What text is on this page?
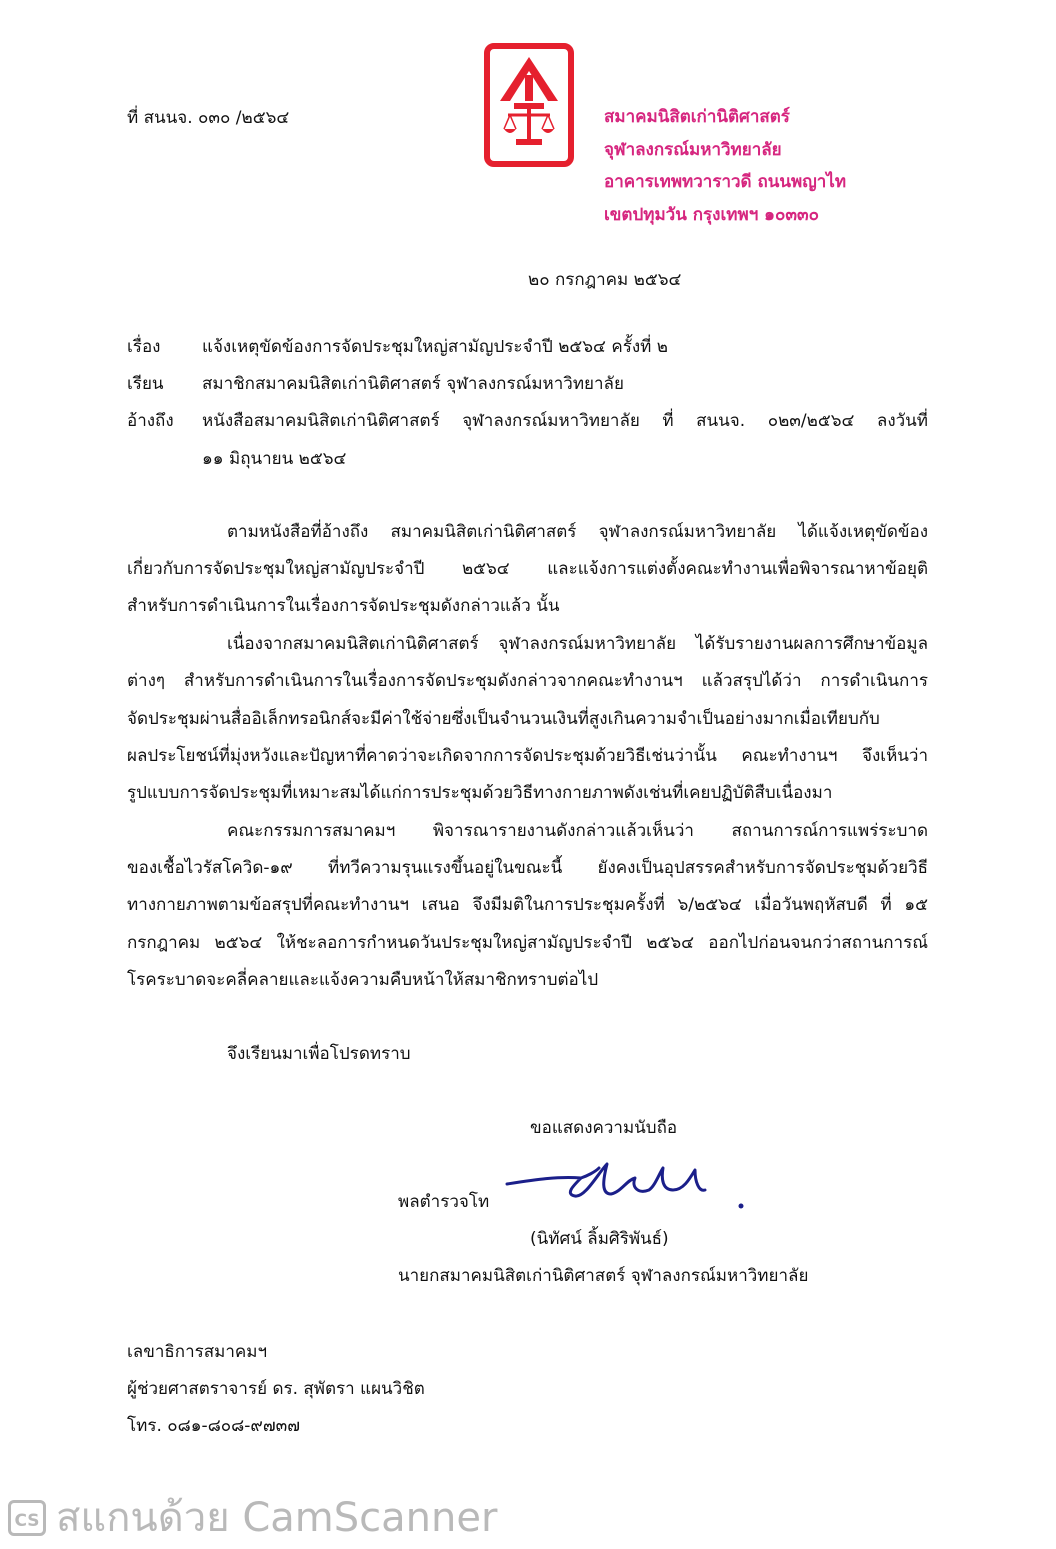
ที่ สนนจ. ๐๓๐ /๒๕๖๔	สมาคมนิสิตเก่านิติศาสตร์
จุฬาลงกรณ์มหาวิทยาลัย
อาคารเทพทวาราวดี ถนนพญาไท
เขตปทุมวัน กรุงเทพฯ ๑๐๓๓๐
๒๐ กรกฎาคม ๒๕๖๔
เรื่อง แจ้งเหตุขัดข้องการจัดประชุมใหญ่สามัญประจำปี ๒๕๖๔ ครั้งที่ ๒
เรียน สมาชิกสมาคมนิสิตเก่านิติศาสตร์ จุฬาลงกรณ์มหาวิทยาลัย
อ้างถึง หนังสือสมาคมนิสิตเก่านิติศาสตร์ จุฬาลงกรณ์มหาวิทยาลัย ที่ สนนจ. ๐๒๓/๒๕๖๔ ลงวันที่
๑๑ มิถุนายน ๒๕๖๔
ตามหนังสือที่อ้างถึง สมาคมนิสิตเก่านิติศาสตร์ จุฬาลงกรณ์มหาวิทยาลัย ได้แจ้งเหตุขัดข้อง
เกี่ยวกับการจัดประชุมใหญ่สามัญประจำปี ๒๕๖๔ และแจ้งการแต่งตั้งคณะทำงานเพื่อพิจารณาหาข้อยุติ
สำหรับการดำเนินการในเรื่องการจัดประชุมดังกล่าวแล้ว นั้น
เนื่องจากสมาคมนิสิตเก่านิติศาสตร์ จุฬาลงกรณ์มหาวิทยาลัย ได้รับรายงานผลการศึกษาข้อมูล
ต่างๆ สำหรับการดำเนินการในเรื่องการจัดประชุมดังกล่าวจากคณะทำงานฯ แล้วสรุปได้ว่า การดำเนินการ
จัดประชุมผ่านสื่ออิเล็กทรอนิกส์จะมีค่าใช้จ่ายซึ่งเป็นจำนวนเงินที่สูงเกินความจำเป็นอย่างมากเมื่อเทียบกับ
ผลประโยชน์ที่มุ่งหวังและปัญหาที่คาดว่าจะเกิดจากการจัดประชุมด้วยวิธีเช่นว่านั้น คณะทำงานฯ จึงเห็นว่า
รูปแบบการจัดประชุมที่เหมาะสมได้แก่การประชุมด้วยวิธีทางกายภาพดังเช่นที่เคยปฏิบัติสืบเนื่องมา
คณะกรรมการสมาคมฯ พิจารณารายงานดังกล่าวแล้วเห็นว่า สถานการณ์การแพร่ระบาด
ของเชื้อไวรัสโควิด-๑๙ ที่ทวีความรุนแรงขึ้นอยู่ในขณะนี้ ยังคงเป็นอุปสรรคสำหรับการจัดประชุมด้วยวิธี
ทางกายภาพตามข้อสรุปที่คณะทำงานฯ เสนอ จึงมีมติในการประชุมครั้งที่ ๖/๒๕๖๔ เมื่อวันพฤหัสบดี ที่ ๑๕
กรกฎาคม ๒๕๖๔ ให้ชะลอการกำหนดวันประชุมใหญ่สามัญประจำปี ๒๕๖๔ ออกไปก่อนจนกว่าสถานการณ์
โรคระบาดจะคลี่คลายและแจ้งความคืบหน้าให้สมาชิกทราบต่อไป
จึงเรียนมาเพื่อโปรดทราบ
ขอแสดงความนับถือ
พลตำรวจโท
(นิทัศน์ ลิ้มศิริพันธ์)
นายกสมาคมนิสิตเก่านิติศาสตร์ จุฬาลงกรณ์มหาวิทยาลัย
เลขาธิการสมาคมฯ
ผู้ช่วยศาสตราจารย์ ดร. สุพัตรา แผนวิชิต
โทร. ๐๘๑-๘๐๘-๙๗๓๗
CS สแกนด้วย CamScanner
